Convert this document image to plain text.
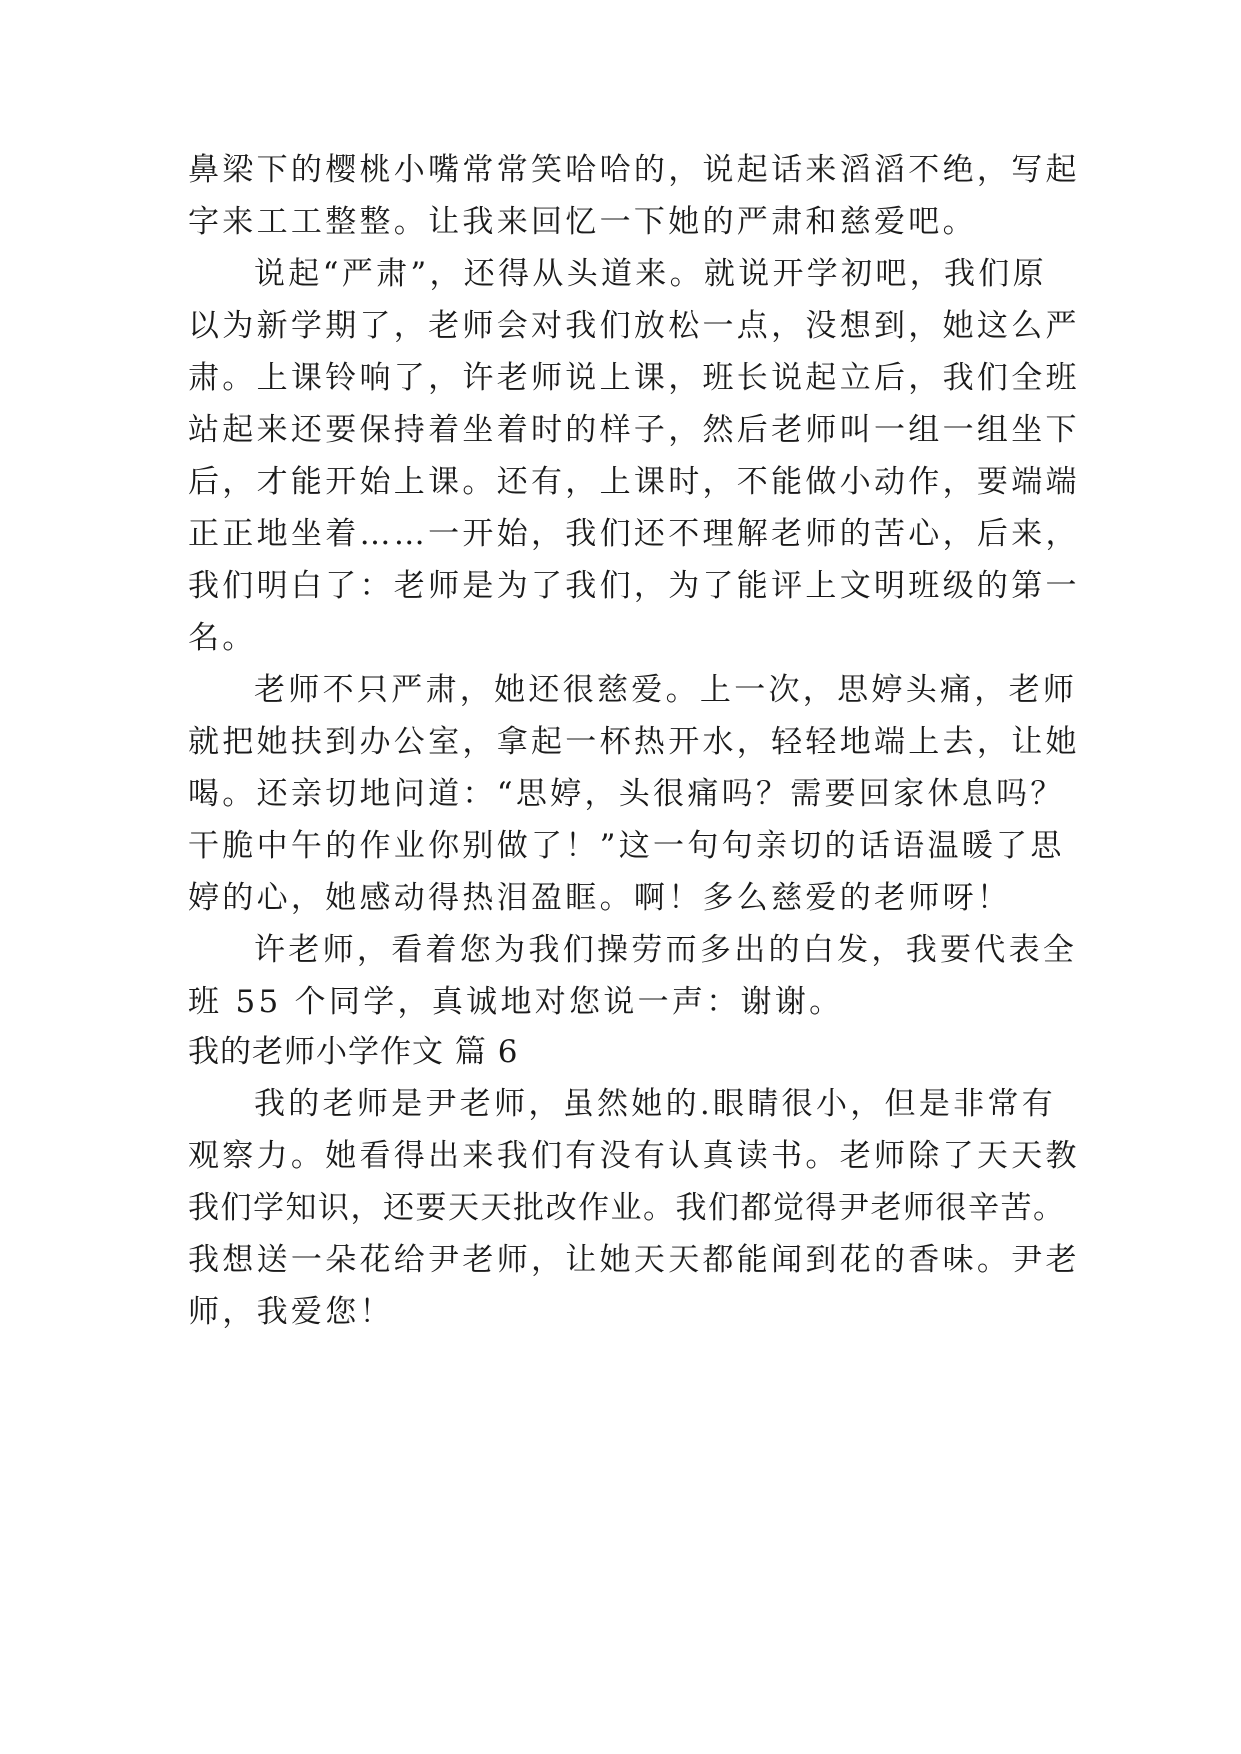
鼻梁下的樱桃小嘴常常笑哈哈的，说起话来滔滔不绝，写起
字来工工整整。让我来回忆一下她的严肃和慈爱吧。
说起“严肃”，还得从头道来。就说开学初吧，我们原
以为新学期了，老师会对我们放松一点，没想到，她这么严
肃。上课铃响了，许老师说上课，班长说起立后，我们全班
站起来还要保持着坐着时的样子，然后老师叫一组一组坐下
后，才能开始上课。还有，上课时，不能做小动作，要端端
正正地坐着……一开始，我们还不理解老师的苦心，后来，
我们明白了：老师是为了我们，为了能评上文明班级的第一
名。
老师不只严肃，她还很慈爱。上一次，思婷头痛，老师
就把她扶到办公室，拿起一杯热开水，轻轻地端上去，让她
喝。还亲切地问道：“思婷，头很痛吗？需要回家休息吗？
干脆中午的作业你别做了！”这一句句亲切的话语温暖了思
婷的心，她感动得热泪盈眶。啊！多么慈爱的老师呀！
许老师，看着您为我们操劳而多出的白发，我要代表全
班 55 个同学，真诚地对您说一声：谢谢。
我的老师小学作文 篇 6
我的老师是尹老师，虽然她的.眼睛很小，但是非常有
观察力。她看得出来我们有没有认真读书。老师除了天天教
我们学知识，还要天天批改作业。我们都觉得尹老师很辛苦。
我想送一朵花给尹老师，让她天天都能闻到花的香味。尹老
师，我爱您！
